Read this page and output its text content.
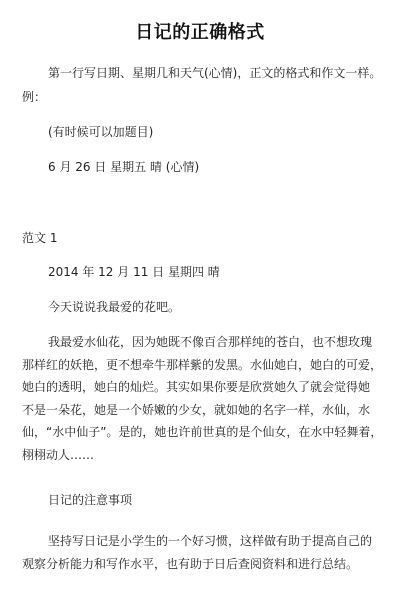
日记的正确格式
第一行写日期、星期几和天气(心情)，正文的格式和作文一样。
例：
(有时候可以加题目)
6 月 26 日 星期五 晴 (心情)
范文 1
2014 年 12 月 11 日 星期四 晴
今天说说我最爱的花吧。
我最爱水仙花，因为她既不像百合那样纯的苍白，也不想玫瑰
那样红的妖艳，更不想牵牛那样紫的发黑。水仙她白，她白的可爱，
她白的透明，她白的灿烂。其实如果你要是欣赏她久了就会觉得她
不是一朵花，她是一个娇嫩的少女，就如她的名字一样，水仙，水
仙，“水中仙子”。是的，她也许前世真的是个仙女，在水中轻舞着，
栩栩动人……
日记的注意事项
坚持写日记是小学生的一个好习惯，这样做有助于提高自己的
观察分析能力和写作水平，也有助于日后查阅资料和进行总结。
